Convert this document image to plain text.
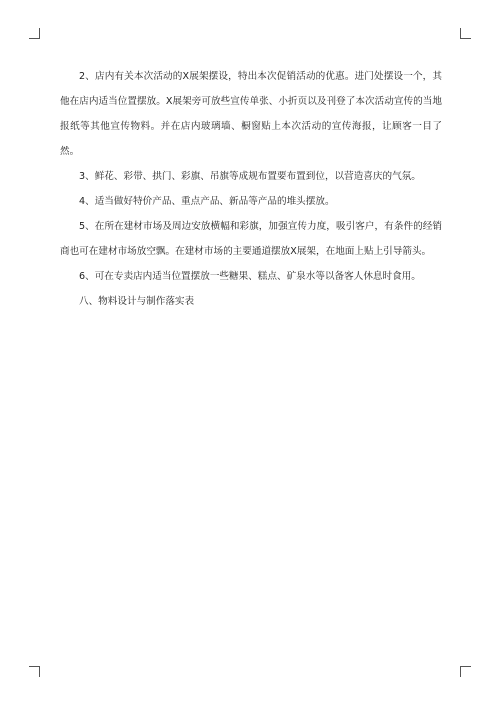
2、店内有关本次活动的X展架摆设，特出本次促销活动的优惠。进门处摆设一个，其他在店内适当位置摆放。X展架旁可放些宣传单张、小折页以及刊登了本次活动宣传的当地报纸等其他宣传物料。并在店内玻璃墙、橱窗贴上本次活动的宣传海报，让顾客一目了然。

3、鲜花、彩带、拱门、彩旗、吊旗等成规布置要布置到位，以营造喜庆的气氛。

4、适当做好特价产品、重点产品、新品等产品的堆头摆放。

5、在所在建材市场及周边安放横幅和彩旗，加强宣传力度，吸引客户，有条件的经销商也可在建材市场放空飘。在建材市场的主要通道摆放X展架，在地面上贴上引导箭头。

6、可在专卖店内适当位置摆放一些糖果、糕点、矿泉水等以备客人休息时食用。

八、物料设计与制作落实表
